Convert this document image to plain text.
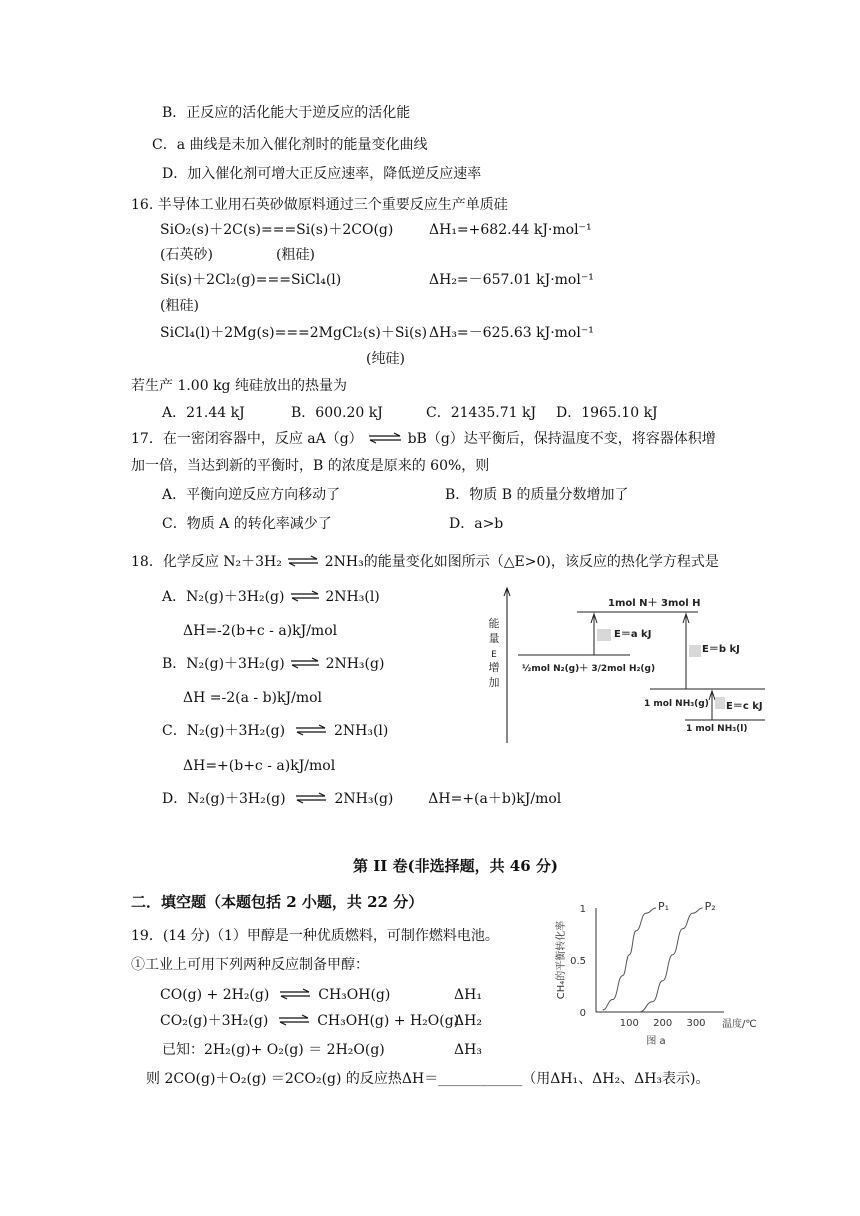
B．正反应的活化能大于逆反应的活化能
C．a 曲线是未加入催化剂时的能量变化曲线
D．加入催化剂可增大正反应速率，降低逆反应速率
16. 半导体工业用石英砂做原料通过三个重要反应生产单质硅
SiO₂(s)＋2C(s)===Si(s)＋2CO(g)	ΔH₁=+682.44 kJ·mol⁻¹
(石英砂)	(粗硅)
Si(s)＋2Cl₂(g)===SiCl₄(l)	ΔH₂=－657.01 kJ·mol⁻¹
(粗硅)
SiCl₄(l)＋2Mg(s)===2MgCl₂(s)＋Si(s) ΔH₃=－625.63 kJ·mol⁻¹
(纯硅)
若生产 1.00 kg 纯硅放出的热量为
A．21.44 kJ	B．600.20 kJ	C．21435.71 kJ D．1965.10 kJ
17．在一密闭容器中，反应 aA（g） ⇌ bB（g）达平衡后，保持温度不变，将容器体积增
加一倍，当达到新的平衡时，B 的浓度是原来的 60%，则
A．平衡向逆反应方向移动了	B．物质 B 的质量分数增加了
C．物质 A 的转化率减少了	D．a>b
18．化学反应 N₂＋3H₂ ⇌ 2NH₃的能量变化如图所示（△E>0)，该反应的热化学方程式是
A．N₂(g)＋3H₂(g) ⇌ 2NH₃(l)
ΔH=-2(b+c - a)kJ/mol
B．N₂(g)＋3H₂(g) ⇌ 2NH₃(g)
ΔH =-2(a - b)kJ/mol
C．N₂(g)＋3H₂(g) ⇌ 2NH₃(l)
ΔH=+(b+c - a)kJ/mol
D．N₂(g)＋3H₂(g) ⇌ 2NH₃(g) ΔH=+(a＋b)kJ/mol
能
量
E
增
加
1mol N＋ 3mol H
½mol N₂(g)＋ 3/2mol H₂(g)
1 mol NH₃(g)
1 mol NH₃(l)
E＝a kJ
E＝b kJ
E＝c kJ
第 II 卷(非选择题，共 46 分)
二．填空题（本题包括 2 小题，共 22 分）
19．(14 分)（1）甲醇是一种优质燃料，可制作燃料电池。
①工业上可用下列两种反应制备甲醇：
CO(g) + 2H₂(g) ⇌ CH₃OH(g)	ΔH₁
CO₂(g)＋3H₂(g) ⇌ CH₃OH(g) + H₂O(g)
ΔH₂
已知：2H₂(g)+ O₂(g) ＝ 2H₂O(g)	ΔH₃
则 2CO(g)＋O₂(g) ＝2CO₂(g) 的反应热ΔH＝____________（用ΔH₁、ΔH₂、ΔH₃表示)。
0
0.5
1
100 200 300 温度/℃
CH₄的平衡转化率
图 a
P₁	P₂
